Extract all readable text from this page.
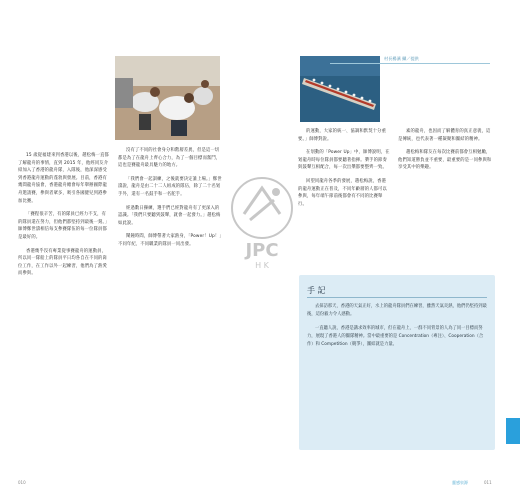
村長楊濱 攝／提供

15 歲從福建來到香港以後，趙松梅一直都了解龍舟的事情，直到 2015 年，他經同友介紹加入了香港的龍舟隊，入隊後，他深深感受到香港龍舟運動的蓬勃與發展。目前，香港有幾間龍舟協會，香港龍舟總會每年舉辦國際龍舟邀請賽，參與者眾多，吸引各國健兒到港參加比賽。

「賽程很辛苦，有的隊員已經力不支，有的隊員還在努力，但他們都堅持到最後一刻。」師傅鄭世濤相信每支參賽隊伍的每一位隊員都是最好的。

香港幾乎沒有專業從事賽龍舟的運動員，所以同一隊船上的隊員平日均各自在不同的崗位工作，在工作以外一起練習，他們為了熱愛而參與。

沒有了不同的社會身分和階層差異，但是這一切都是為了在龍舟上齊心合力，為了一個目標而奮鬥，這也是賽龍舟最具魅力的地方。

「我們會一起訓練，之後就要決定誰上場。」鄭世濤說，龍舟是由二十二人組成的隊伍，除了二十名划手外，還有一名鼓手和一名舵手。

經過數日操練，選手們已經對龍舟有了更深入的認識。「我們只要聽到鼓聲，就會一起發力。」趙松梅如此說。

鬧鐘時間，師傅帶著大家熱身，「Power！Up！」不同年紀、不同職業的隊員一同出發。

的運動，大家的統一、協調和默契十分重要。」師傅對說。

在划動的「Power Up」中，師傅說明，在划龍舟時每位隊員都要聽著指揮。槳手的節奏與鼓聲互相配合，每一次出槳都要整齊一致。

回望同龍舟各季的發展，趙松梅說，香港的龍舟運動正在普及，不同年齡層的人都可以參與，每年端午節前後都會有不同的比賽舉行。

素的龍舟，也因而了解體育的真正意義，這是傳統，也代表著一種凝聚和團結的精神。

趙松梅和隊友在每次比賽前都會互相勉勵，他們知道勝負並不重要，最重要的是一同參與和享受其中的樂趣。

手 記

去採訪那天，香港的天氣正好，水上的龍舟隊員們在練習，雖然天氣炎熱，他們仍堅持到最後，這份毅力令人感動。

一直聽人說，香港是講求效率的城市，但在龍舟上，一群不同背景的人為了同一目標而努力，展現了香港人的團隊精神。當中最重要的是 Concentration（專注）、Cooperation（合作）和 Competition（競爭），團結就是力量。

JPC
H K
010	靈感泉源	011
